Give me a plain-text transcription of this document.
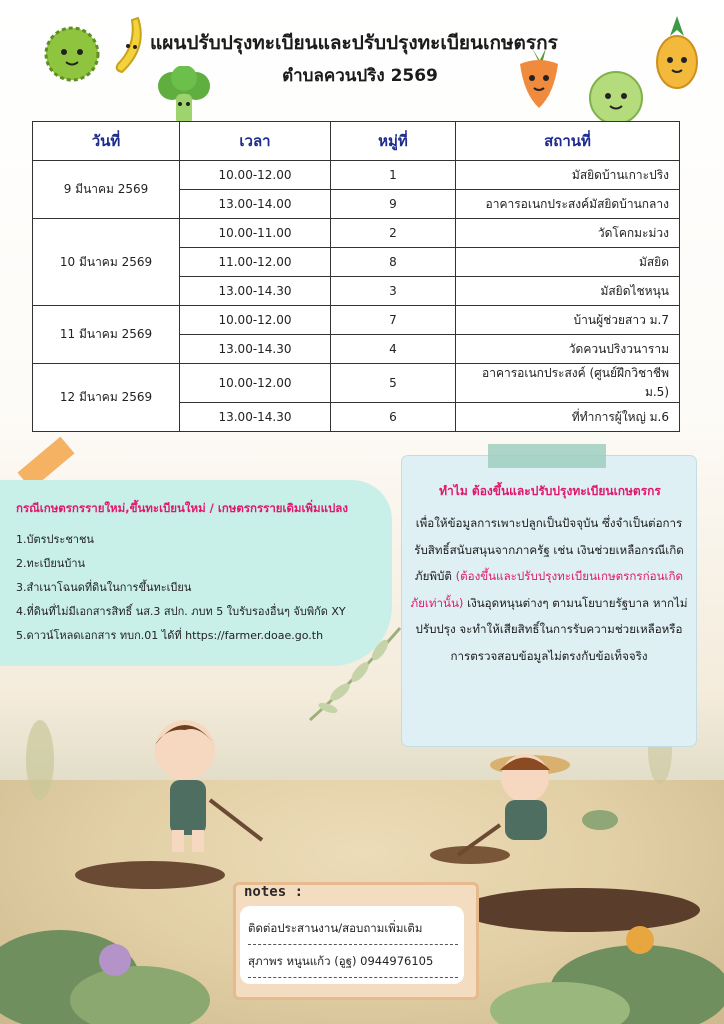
แผนปรับปรุงทะเบียนและปรับปรุงทะเบียนเกษตรกร
ตำบลควนปริง 2569
วันที่	เวลา	หมู่ที่	สถานที่
9 มีนาคม 2569	10.00-12.00	1	มัสยิดบ้านเกาะปริง
	13.00-14.00	9	อาคารอเนกประสงค์มัสยิดบ้านกลาง
10 มีนาคม 2569	10.00-11.00	2	วัดโคกมะม่วง
	11.00-12.00	8	มัสยิด
	13.00-14.30	3	มัสยิดไชหนุน
11 มีนาคม 2569	10.00-12.00	7	บ้านผู้ช่วยสาว ม.7
	13.00-14.30	4	วัดควนปริงวนาราม
12 มีนาคม 2569	10.00-12.00	5	อาคารอเนกประสงค์ (ศูนย์ฝึกวิชาชีพ ม.5)
	13.00-14.30	6	ที่ทำการผู้ใหญ่ ม.6
กรณีเกษตรกรรายใหม่,ขึ้นทะเบียนใหม่ / เกษตรกรรายเดิมเพิ่มแปลง
1.บัตรประชาชน
2.ทะเบียนบ้าน
3.สำเนาโฉนดที่ดินในการขึ้นทะเบียน
4.ที่ดินที่ไม่มีเอกสารสิทธิ์ นส.3 สปก. ภบท 5 ใบรับรองอื่นๆ จับพิกัด XY
5.ดาวน์โหลดเอกสาร ทบก.01 ได้ที่ https://farmer.doae.go.th
ทำไม ต้องขึ้นและปรับปรุงทะเบียนเกษตรกร
เพื่อให้ข้อมูลการเพาะปลูกเป็นปัจจุบัน ซึ่งจำเป็นต่อการรับสิทธิ์สนับสนุนจากภาครัฐ เช่น เงินช่วยเหลือกรณีเกิดภัยพิบัติ (ต้องขึ้นและปรับปรุงทะเบียนเกษตรกรก่อนเกิดภัยเท่านั้น) เงินอุดหนุนต่างๆ ตามนโยบายรัฐบาล หากไม่ปรับปรุง จะทำให้เสียสิทธิ์ในการรับความช่วยเหลือหรือการตรวจสอบข้อมูลไม่ตรงกับข้อเท็จจริง
notes :
ติดต่อประสานงาน/สอบถามเพิ่มเติม
สุภาพร หนูนแก้ว (อูฐ) 0944976105
